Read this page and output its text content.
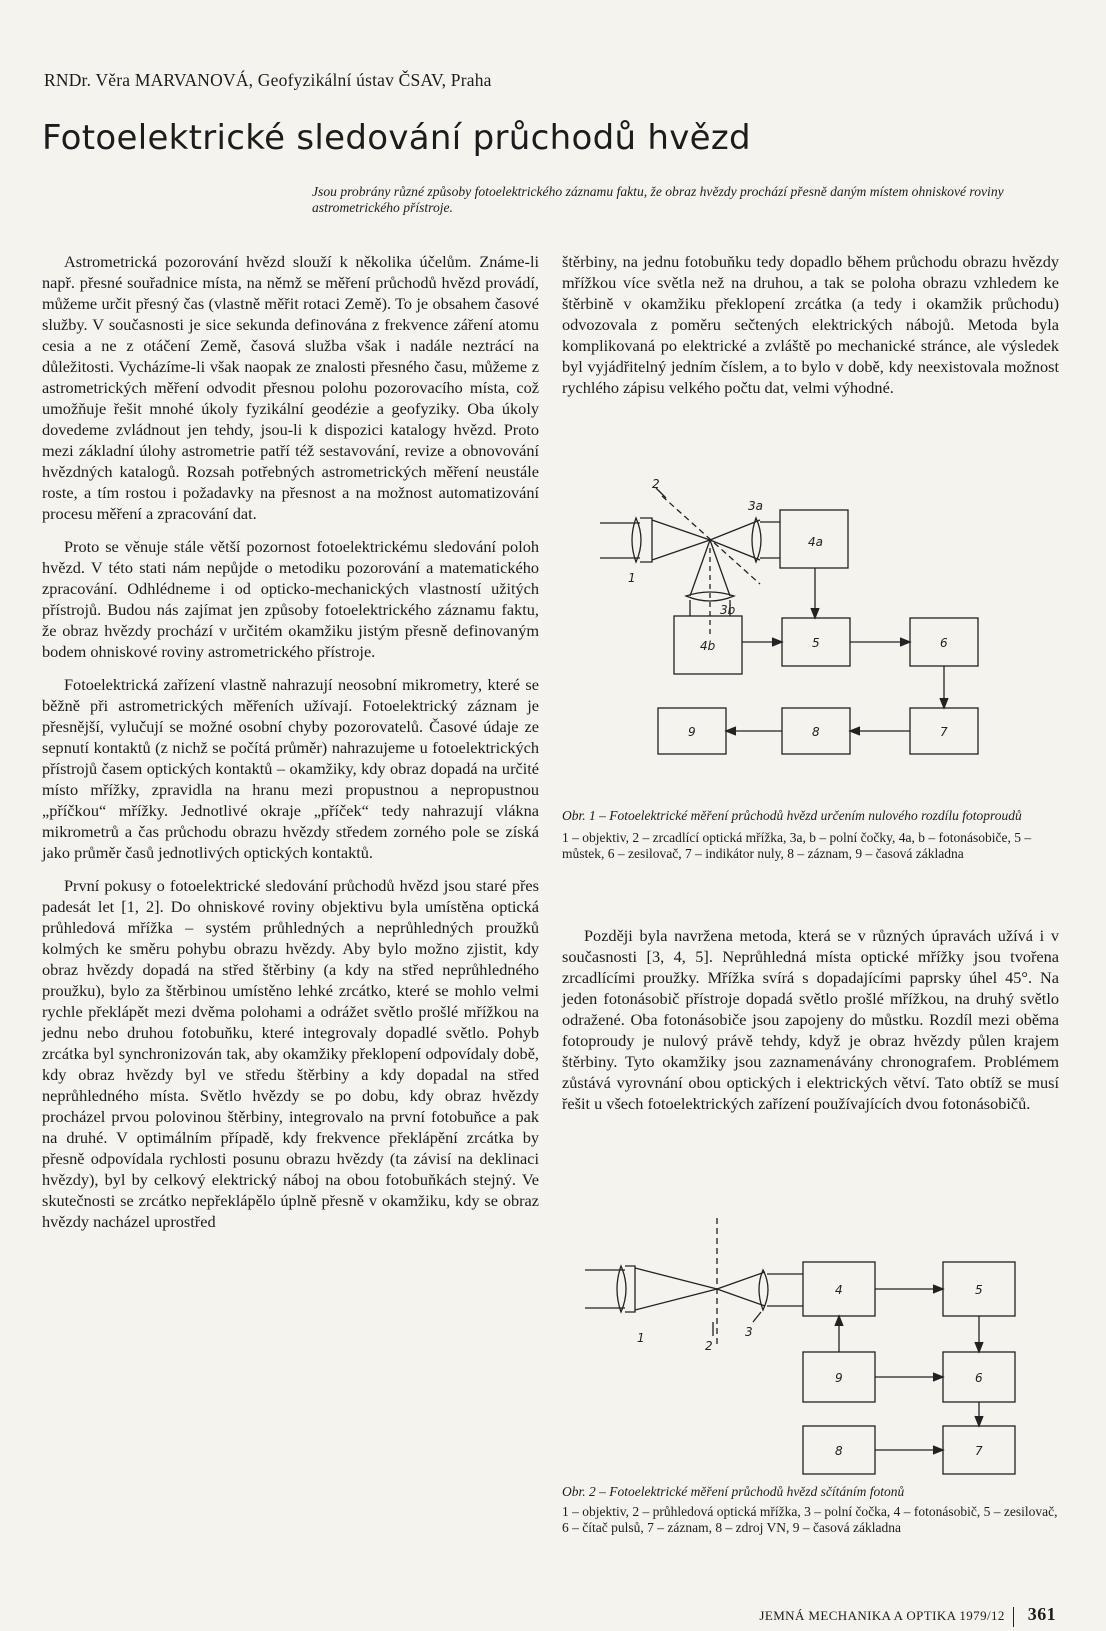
RNDr. Věra MARVANOVÁ, Geofyzikální ústav ČSAV, Praha
Fotoelektrické sledování průchodů hvězd
Jsou probrány různé způsoby fotoelektrického záznamu faktu, že obraz hvězdy prochází přesně daným místem ohniskové roviny astrometrického přístroje.

Astrometrická pozorování hvězd slouží k několika účelům. Známe-li např. přesné souřadnice místa, na němž se měření průchodů hvězd provádí, můžeme určit přesný čas (vlastně měřit rotaci Země). To je obsahem časové služby. V současnosti je sice sekunda definována z frekvence záření atomu cesia a ne z otáčení Země, časová služba však i nadále neztrácí na důležitosti. Vycházíme-li však naopak ze znalosti přesného času, můžeme z astrometrických měření odvodit přesnou polohu pozorovacího místa, což umožňuje řešit mnohé úkoly fyzikální geodézie a geofyziky. Oba úkoly dovedeme zvládnout jen tehdy, jsou-li k dispozici katalogy hvězd. Proto mezi základní úlohy astrometrie patří též sestavování, revize a obnovování hvězdných katalogů. Rozsah potřebných astrometrických měření neustále roste, a tím rostou i požadavky na přesnost a na možnost automatizování procesu měření a zpracování dat.

Proto se věnuje stále větší pozornost fotoelektrickému sledování poloh hvězd. V této stati nám nepůjde o metodiku pozorování a matematického zpracování. Odhlédneme i od opticko-mechanických vlastností užitých přístrojů. Budou nás zajímat jen způsoby fotoelektrického záznamu faktu, že obraz hvězdy prochází v určitém okamžiku jistým přesně definovaným bodem ohniskové roviny astrometrického přístroje.

Fotoelektrická zařízení vlastně nahrazují neosobní mikrometry, které se běžně při astrometrických měřeních užívají. Fotoelektrický záznam je přesnější, vylučují se možné osobní chyby pozorovatelů. Časové údaje ze sepnutí kontaktů (z nichž se počítá průměr) nahrazujeme u fotoelektrických přístrojů časem optických kontaktů – okamžiky, kdy obraz dopadá na určité místo mřížky, zpravidla na hranu mezi propustnou a nepropustnou „příčkou“ mřížky. Jednotlivé okraje „příček“ tedy nahrazují vlákna mikrometrů a čas průchodu obrazu hvězdy středem zorného pole se získá jako průměr časů jednotlivých optických kontaktů.

První pokusy o fotoelektrické sledování průchodů hvězd jsou staré přes padesát let [1, 2]. Do ohniskové roviny objektivu byla umístěna optická průhledová mřížka – systém průhledných a neprůhledných proužků kolmých ke směru pohybu obrazu hvězdy. Aby bylo možno zjistit, kdy obraz hvězdy dopadá na střed štěrbiny (a kdy na střed neprůhledného proužku), bylo za štěrbinou umístěno lehké zrcátko, které se mohlo velmi rychle překlápět mezi dvěma polohami a odrážet světlo prošlé mřížkou na jednu nebo druhou fotobuňku, které integrovaly dopadlé světlo. Pohyb zrcátka byl synchronizován tak, aby okamžiky překlopení odpovídaly době, kdy obraz hvězdy byl ve středu štěrbiny a kdy dopadal na střed neprůhledného místa. Světlo hvězdy se po dobu, kdy obraz hvězdy procházel prvou polovinou štěrbiny, integrovalo na první fotobuňce a pak na druhé. V optimálním případě, kdy frekvence překlápění zrcátka by přesně odpovídala rychlosti posunu obrazu hvězdy (ta závisí na deklinaci hvězdy), byl by celkový elektrický náboj na obou fotobuňkách stejný. Ve skutečnosti se zrcátko nepřeklápělo úplně přesně v okamžiku, kdy se obraz hvězdy nacházel uprostřed

štěrbiny, na jednu fotobuňku tedy dopadlo během průchodu obrazu hvězdy mřížkou více světla než na druhou, a tak se poloha obrazu vzhledem ke štěrbině v okamžiku překlopení zrcátka (a tedy i okamžik průchodu) odvozovala z poměru sečtených elektrických nábojů. Metoda byla komplikovaná po elektrické a zvláště po mechanické stránce, ale výsledek byl vyjádřitelný jedním číslem, a to bylo v době, kdy neexistovala možnost rychlého zápisu velkého počtu dat, velmi výhodné.

2
1
3a
3b
4a
4b	5	6
7
8
9
Obr. 1 – Fotoelektrické měření průchodů hvězd určením nulového rozdílu fotoproudů
1 – objektiv, 2 – zrcadlící optická mřížka, 3a, b – polní čočky, 4a, b – fotonásobiče, 5 – můstek, 6 – zesilovač, 7 – indikátor nuly, 8 – záznam, 9 – časová základna

Později byla navržena metoda, která se v různých úpravách užívá i v současnosti [3, 4, 5]. Neprůhledná místa optické mřížky jsou tvořena zrcadlícími proužky. Mřížka svírá s dopadajícími paprsky úhel 45°. Na jeden fotonásobič přístroje dopadá světlo prošlé mřížkou, na druhý světlo odražené. Oba fotonásobiče jsou zapojeny do můstku. Rozdíl mezi oběma fotoproudy je nulový právě tehdy, když je obraz hvězdy půlen krajem štěrbiny. Tyto okamžiky jsou zaznamenávány chronografem. Problémem zůstává vyrovnání obou optických i elektrických větví. Tato obtíž se musí řešit u všech fotoelektrických zařízení používajících dvou fotonásobičů.

1
2
3
4	5
6
7
8
9
Obr. 2 – Fotoelektrické měření průchodů hvězd sčítáním fotonů
1 – objektiv, 2 – průhledová optická mřížka, 3 – polní čočka, 4 – fotonásobič, 5 – zesilovač, 6 – čítač pulsů, 7 – záznam, 8 – zdroj VN, 9 – časová základna
JEMNÁ MECHANIKA A OPTIKA 1979/12 361
